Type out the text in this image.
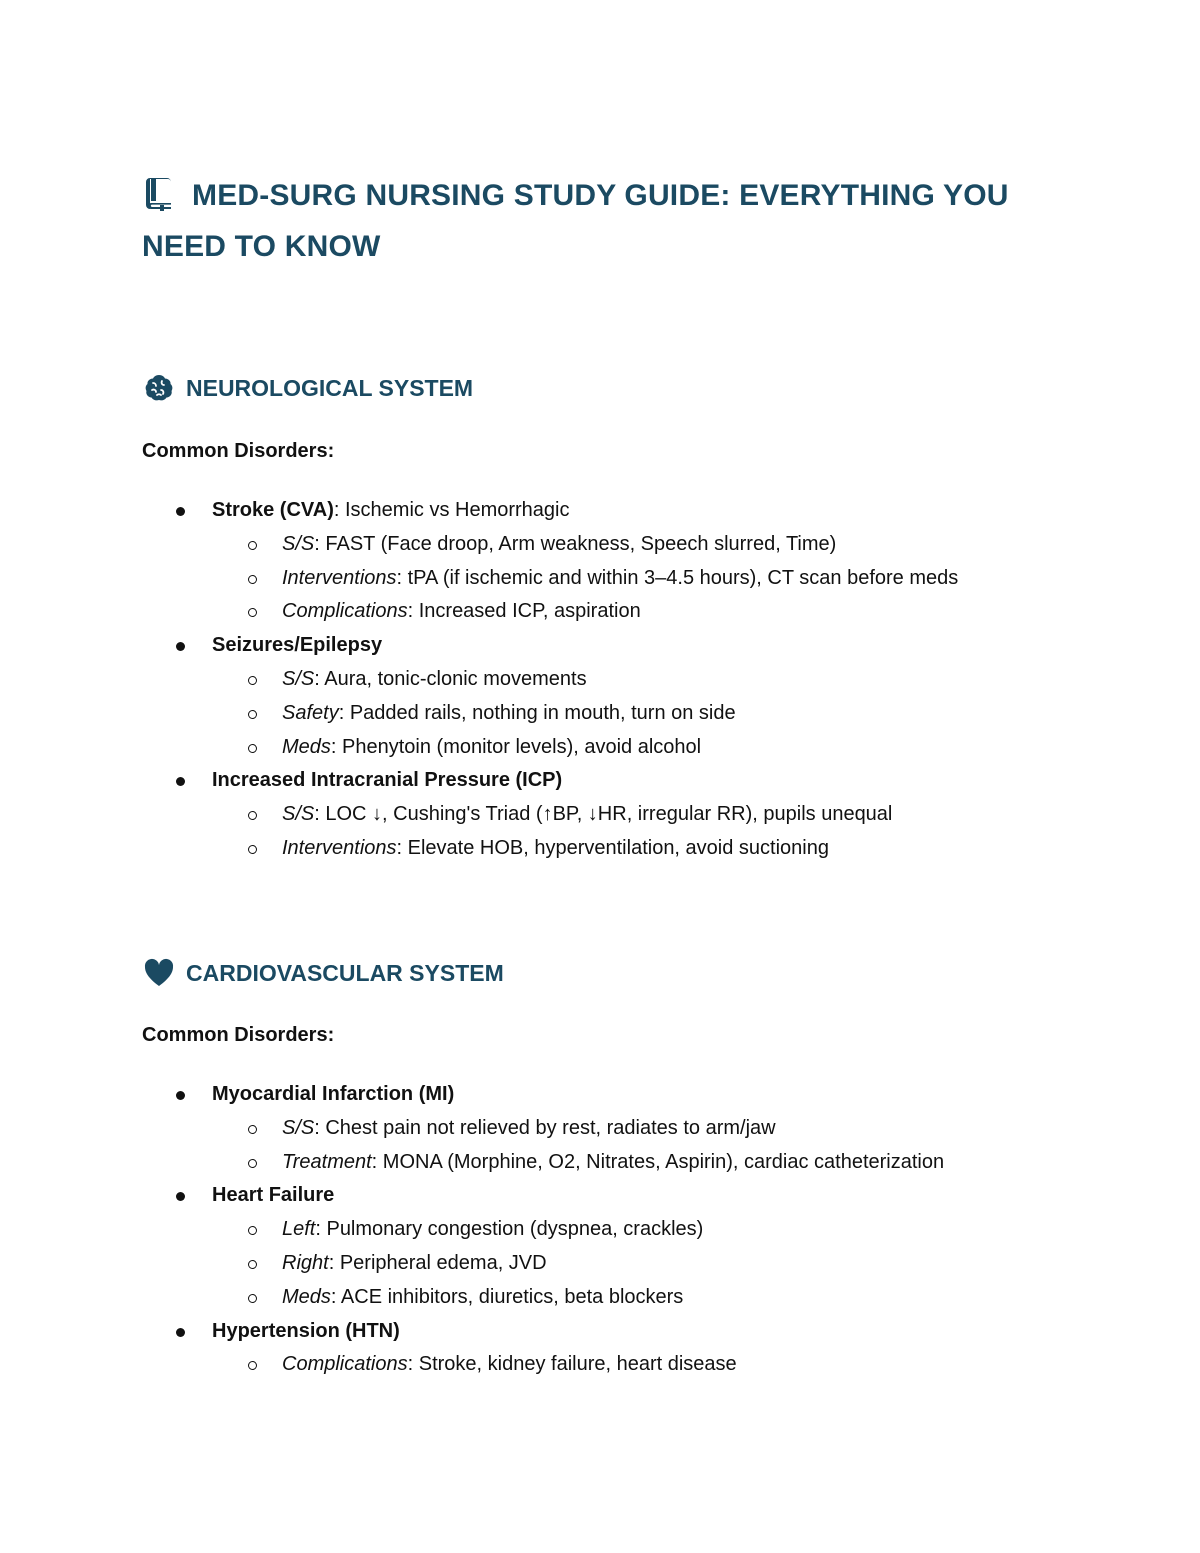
MED-SURG NURSING STUDY GUIDE: EVERYTHING YOU NEED TO KNOW
NEUROLOGICAL SYSTEM

Common Disorders:

Stroke (CVA): Ischemic vs Hemorrhagic
S/S: FAST (Face droop, Arm weakness, Speech slurred, Time)
Interventions: tPA (if ischemic and within 3–4.5 hours), CT scan before meds
Complications: Increased ICP, aspiration
Seizures/Epilepsy
S/S: Aura, tonic-clonic movements
Safety: Padded rails, nothing in mouth, turn on side
Meds: Phenytoin (monitor levels), avoid alcohol
Increased Intracranial Pressure (ICP)
S/S: LOC ↓, Cushing's Triad (↑BP, ↓HR, irregular RR), pupils unequal
Interventions: Elevate HOB, hyperventilation, avoid suctioning
CARDIOVASCULAR SYSTEM

Common Disorders:

Myocardial Infarction (MI)
S/S: Chest pain not relieved by rest, radiates to arm/jaw
Treatment: MONA (Morphine, O2, Nitrates, Aspirin), cardiac catheterization
Heart Failure
Left: Pulmonary congestion (dyspnea, crackles)
Right: Peripheral edema, JVD
Meds: ACE inhibitors, diuretics, beta blockers
Hypertension (HTN)
Complications: Stroke, kidney failure, heart disease
